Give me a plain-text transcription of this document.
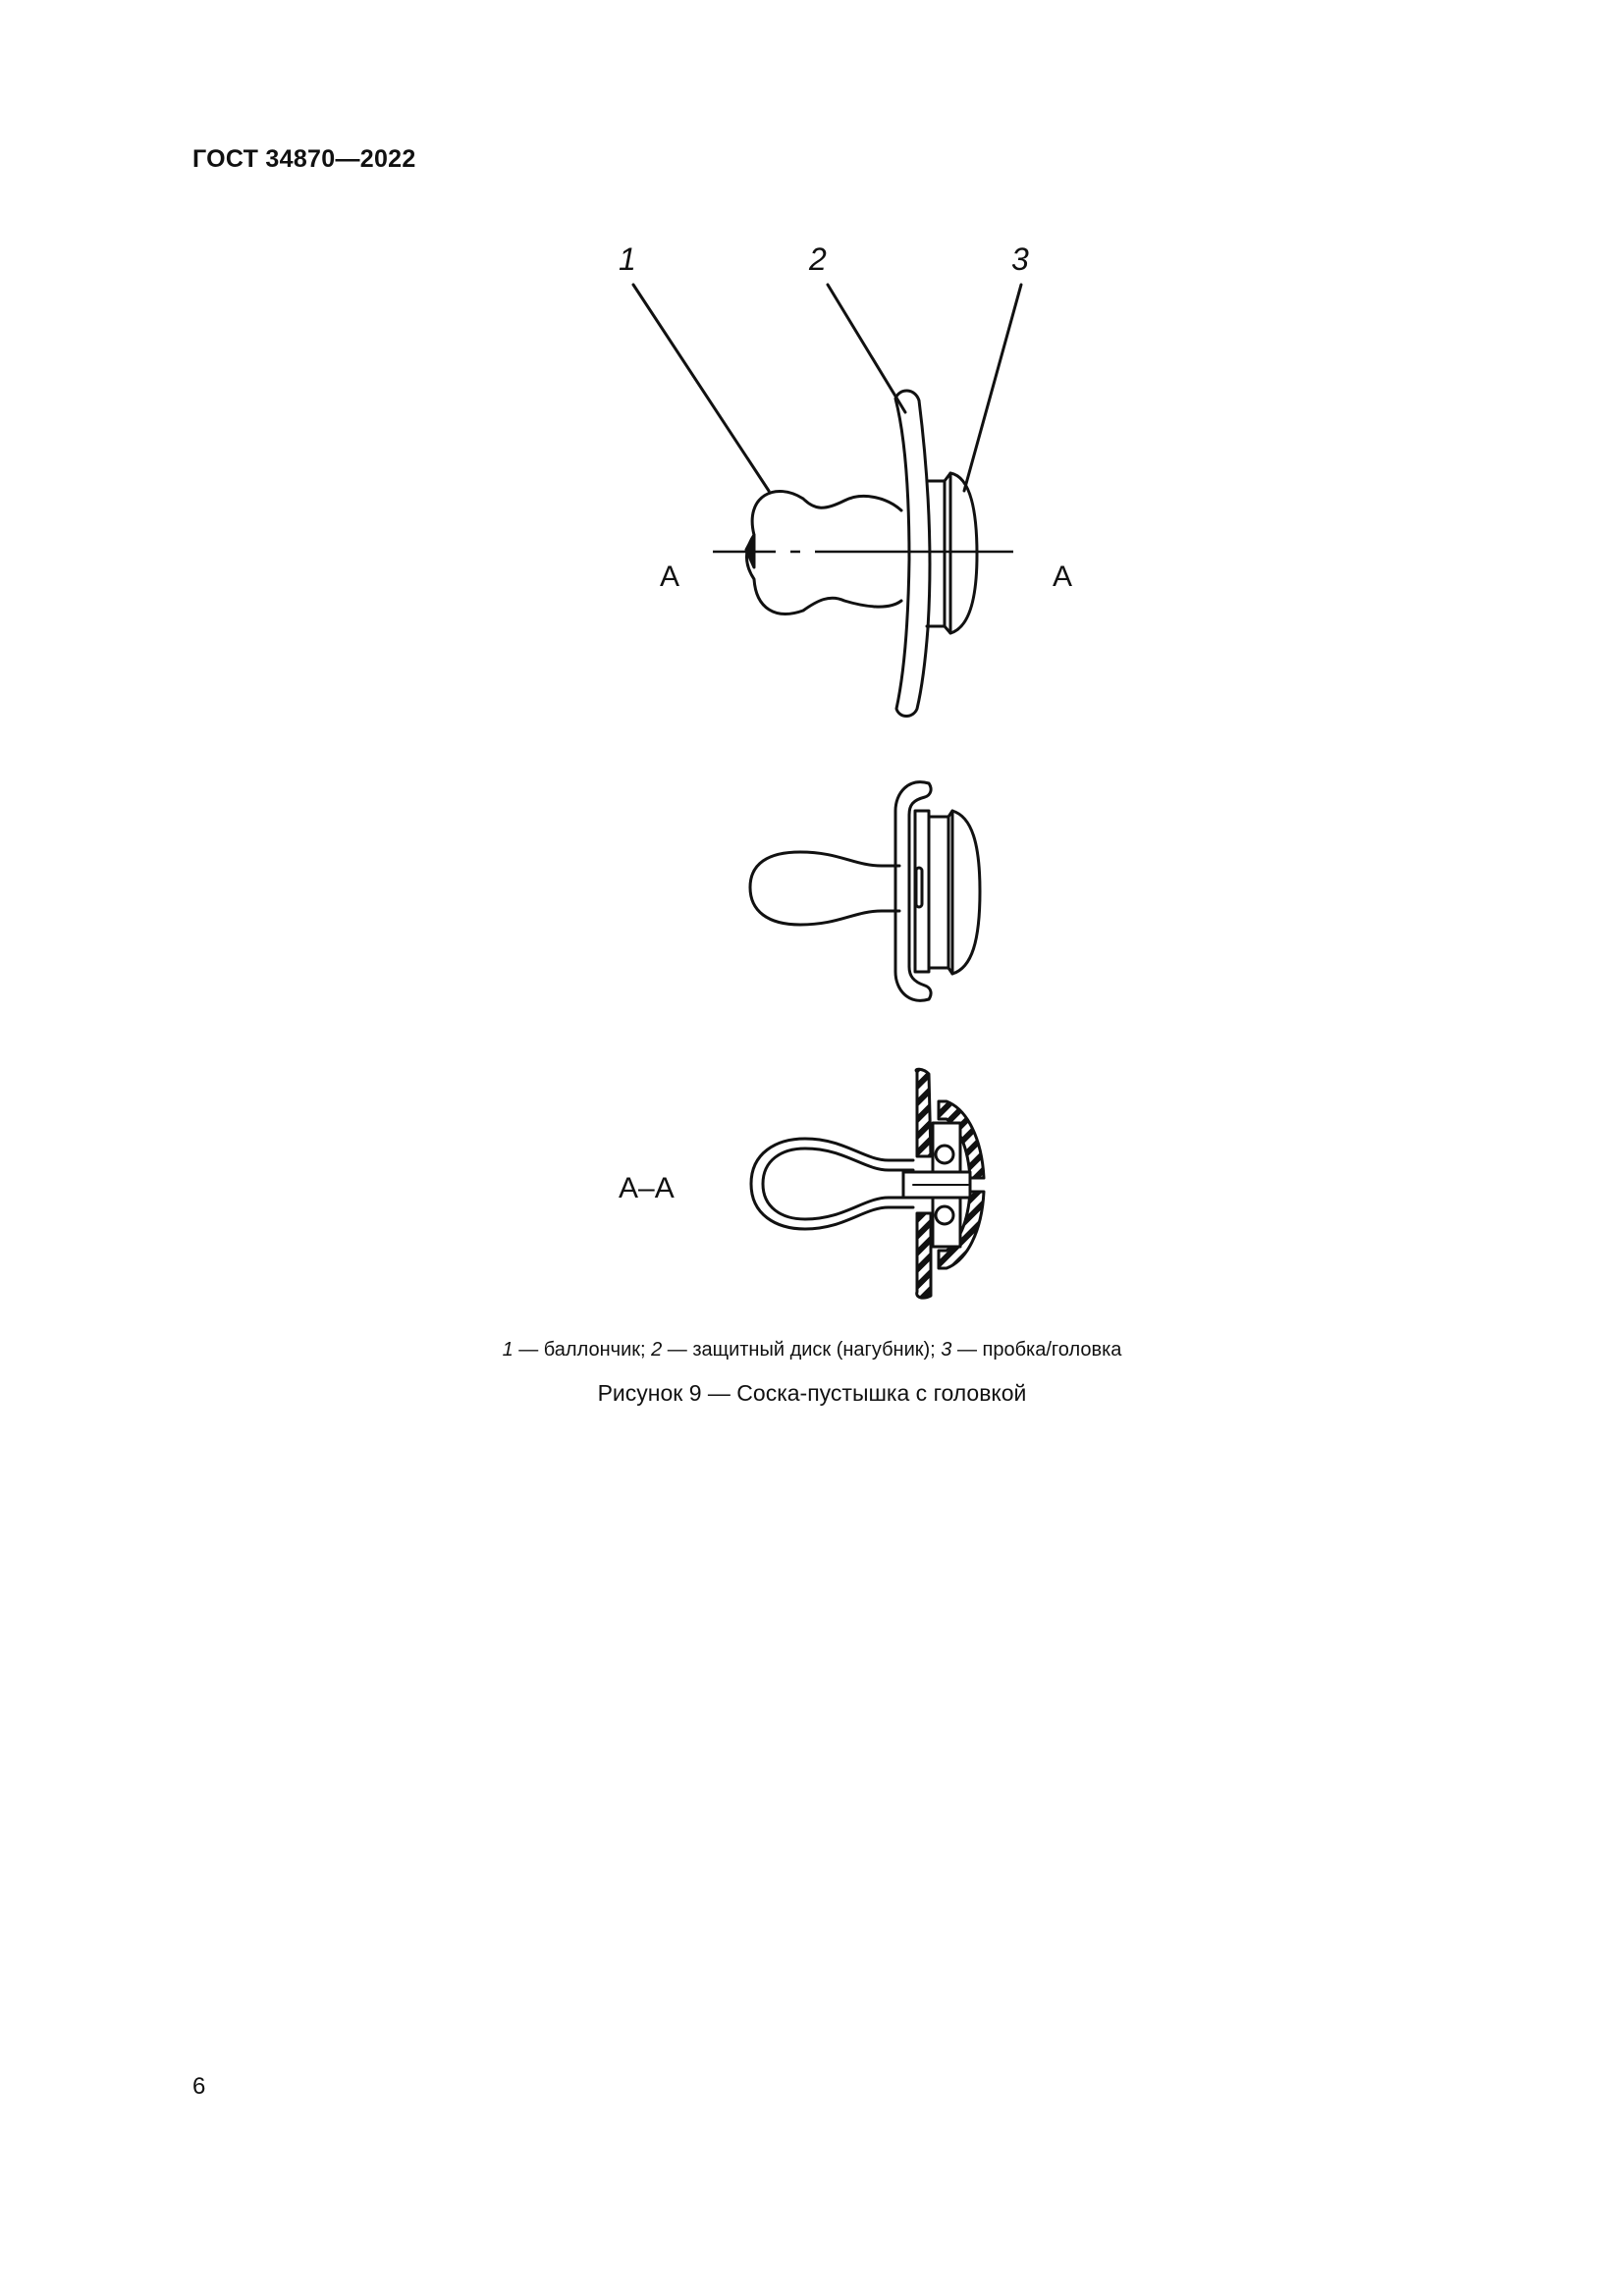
ГОСТ 34870—2022
1	2	3
A	A
А–А
1 — баллончик; 2 — защитный диск (нагубник); 3 — пробка/головка
Рисунок 9 — Соска-пустышка с головкой
6
